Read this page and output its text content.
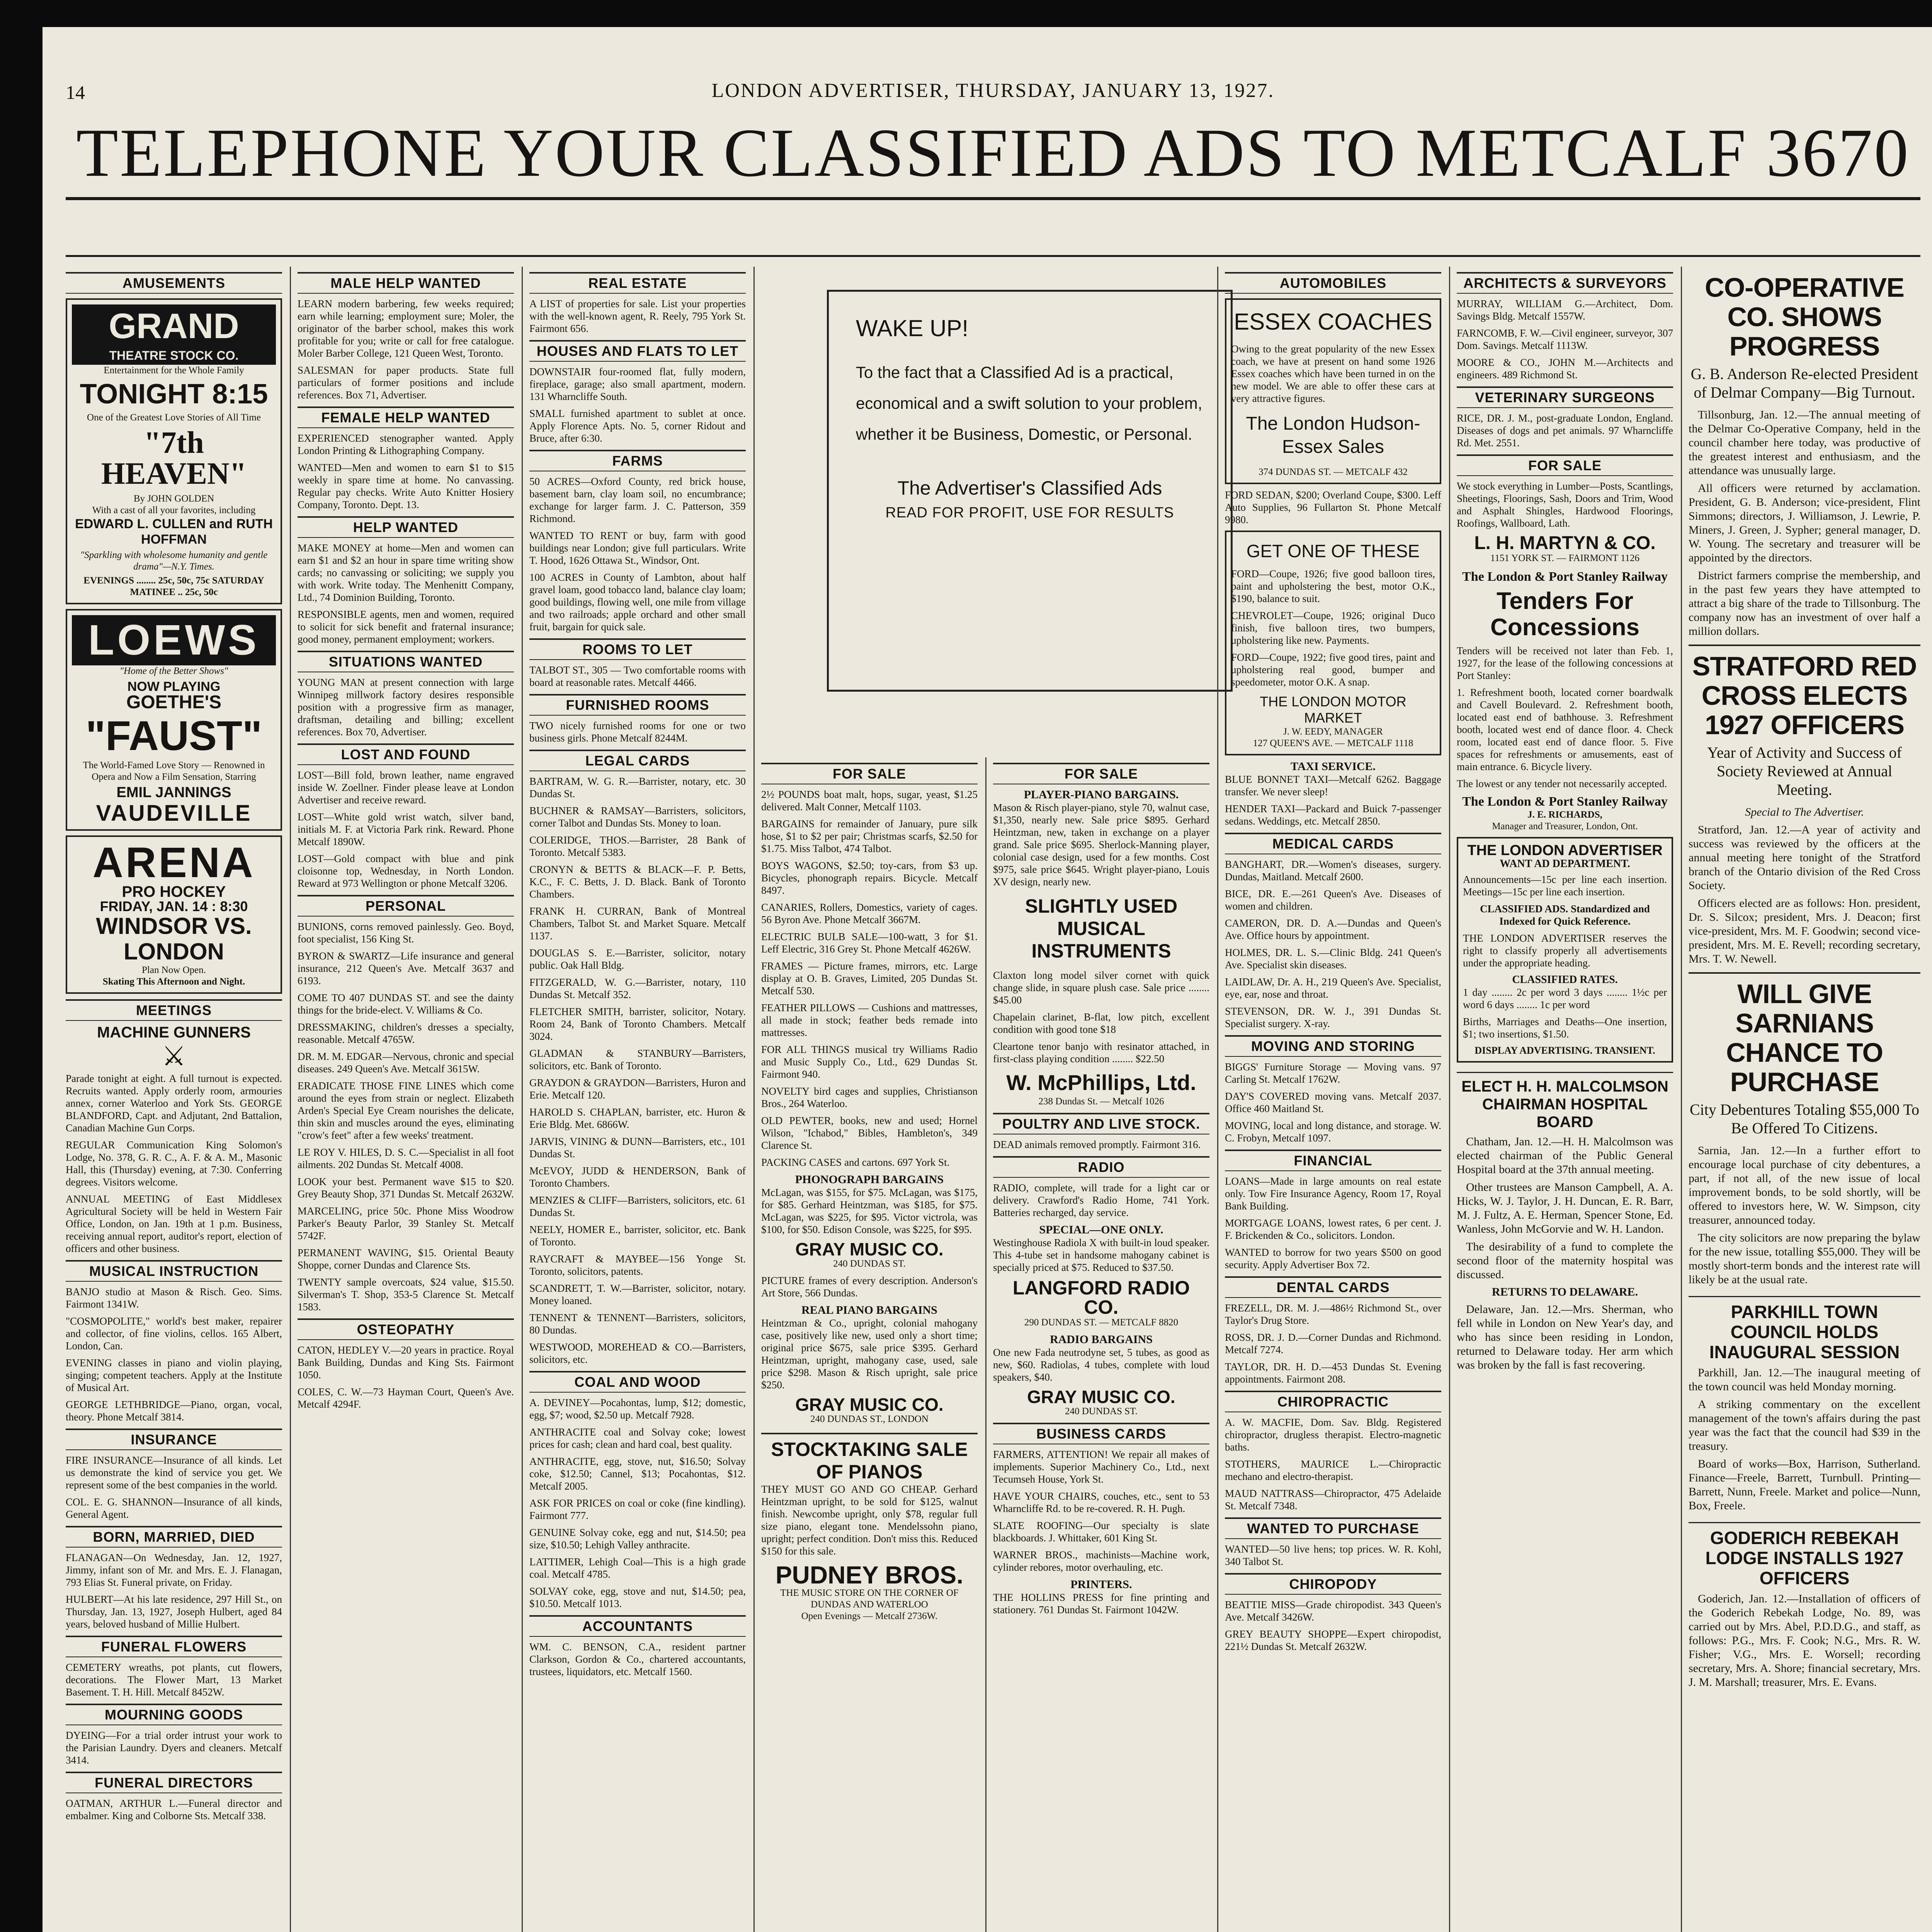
14	LONDON ADVERTISER, THURSDAY, JANUARY 13, 1927.
TELEPHONE YOUR CLASSIFIED ADS TO METCALF 3670
AMUSEMENTS
GRAND
THEATRE STOCK CO.
Entertainment for the Whole Family
TONIGHT 8:15
One of the Greatest Love Stories of All Time
"7th HEAVEN"
By JOHN GOLDEN
With a cast of all your favorites, including
EDWARD L. CULLEN and RUTH HOFFMAN
"Sparkling with wholesome humanity and gentle drama"—N.Y. Times.
EVENINGS ........ 25c, 50c, 75c SATURDAY MATINEE .. 25c, 50c
LOEWS
"Home of the Better Shows"
NOW PLAYING
GOETHE'S
"FAUST"
The World-Famed Love Story — Renowned in Opera and Now a Film Sensation, Starring
EMIL JANNINGS
VAUDEVILLE
ARENA
PRO HOCKEY
FRIDAY, JAN. 14 : 8:30
WINDSOR VS. LONDON
Plan Now Open.
Skating This Afternoon and Night.
MEETINGS
MACHINE GUNNERS
⚔

Parade tonight at eight. A full turnout is expected. Recruits wanted. Apply orderly room, armouries annex, corner Waterloo and York Sts. GEORGE BLANDFORD, Capt. and Adjutant, 2nd Battalion, Canadian Machine Gun Corps.

REGULAR Communication King Solomon's Lodge, No. 378, G. R. C., A. F. & A. M., Masonic Hall, this (Thursday) evening, at 7:30. Conferring degrees. Visitors welcome.

ANNUAL MEETING of East Middlesex Agricultural Society will be held in Western Fair Office, London, on Jan. 19th at 1 p.m. Business, receiving annual report, auditor's report, election of officers and other business.

MUSICAL INSTRUCTION

BANJO studio at Mason & Risch. Geo. Sims. Fairmont 1341W.

"COSMOPOLITE," world's best maker, repairer and collector, of fine violins, cellos. 165 Albert, London, Can.

EVENING classes in piano and violin playing, singing; competent teachers. Apply at the Institute of Musical Art.

GEORGE LETHBRIDGE—Piano, organ, vocal, theory. Phone Metcalf 3814.

INSURANCE

FIRE INSURANCE—Insurance of all kinds. Let us demonstrate the kind of service you get. We represent some of the best companies in the world.

COL. E. G. SHANNON—Insurance of all kinds, General Agent.

BORN, MARRIED, DIED

FLANAGAN—On Wednesday, Jan. 12, 1927, Jimmy, infant son of Mr. and Mrs. E. J. Flanagan, 793 Elias St. Funeral private, on Friday.

HULBERT—At his late residence, 297 Hill St., on Thursday, Jan. 13, 1927, Joseph Hulbert, aged 84 years, beloved husband of Millie Hulbert.

FUNERAL FLOWERS

CEMETERY wreaths, pot plants, cut flowers, decorations. The Flower Mart, 13 Market Basement. T. H. Hill. Metcalf 8452W.

MOURNING GOODS

DYEING—For a trial order intrust your work to the Parisian Laundry. Dyers and cleaners. Metcalf 3414.

FUNERAL DIRECTORS

OATMAN, ARTHUR L.—Funeral director and embalmer. King and Colborne Sts. Metcalf 338.

MALE HELP WANTED

LEARN modern barbering, few weeks required; earn while learning; employment sure; Moler, the originator of the barber school, makes this work profitable for you; write or call for free catalogue. Moler Barber College, 121 Queen West, Toronto.

SALESMAN for paper products. State full particulars of former positions and include references. Box 71, Advertiser.

FEMALE HELP WANTED

EXPERIENCED stenographer wanted. Apply London Printing & Lithographing Company.

WANTED—Men and women to earn $1 to $15 weekly in spare time at home. No canvassing. Regular pay checks. Write Auto Knitter Hosiery Company, Toronto. Dept. 13.

HELP WANTED

MAKE MONEY at home—Men and women can earn $1 and $2 an hour in spare time writing show cards; no canvassing or soliciting; we supply you with work. Write today. The Menhenitt Company, Ltd., 74 Dominion Building, Toronto.

RESPONSIBLE agents, men and women, required to solicit for sick benefit and fraternal insurance; good money, permanent employment; workers.

SITUATIONS WANTED

YOUNG MAN at present connection with large Winnipeg millwork factory desires responsible position with a progressive firm as manager, draftsman, detailing and billing; excellent references. Box 70, Advertiser.

LOST AND FOUND

LOST—Bill fold, brown leather, name engraved inside W. Zoellner. Finder please leave at London Advertiser and receive reward.

LOST—White gold wrist watch, silver band, initials M. F. at Victoria Park rink. Reward. Phone Metcalf 1890W.

LOST—Gold compact with blue and pink cloisonne top, Wednesday, in North London. Reward at 973 Wellington or phone Metcalf 3206.

PERSONAL

BUNIONS, corns removed painlessly. Geo. Boyd, foot specialist, 156 King St.

BYRON & SWARTZ—Life insurance and general insurance, 212 Queen's Ave. Metcalf 3637 and 6193.

COME TO 407 DUNDAS ST. and see the dainty things for the bride-elect. V. Williams & Co.

DRESSMAKING, children's dresses a specialty, reasonable. Metcalf 4765W.

DR. M. M. EDGAR—Nervous, chronic and special diseases. 249 Queen's Ave. Metcalf 3615W.

ERADICATE THOSE FINE LINES which come around the eyes from strain or neglect. Elizabeth Arden's Special Eye Cream nourishes the delicate, thin skin and muscles around the eyes, eliminating "crow's feet" after a few weeks' treatment.

LE ROY V. HILES, D. S. C.—Specialist in all foot ailments. 202 Dundas St. Metcalf 4008.

LOOK your best. Permanent wave $15 to $20. Grey Beauty Shop, 371 Dundas St. Metcalf 2632W.

MARCELING, price 50c. Phone Miss Woodrow Parker's Beauty Parlor, 39 Stanley St. Metcalf 5742F.

PERMANENT WAVING, $15. Oriental Beauty Shoppe, corner Dundas and Clarence Sts.

TWENTY sample overcoats, $24 value, $15.50. Silverman's T. Shop, 353-5 Clarence St. Metcalf 1583.

OSTEOPATHY

CATON, HEDLEY V.—20 years in practice. Royal Bank Building, Dundas and King Sts. Fairmont 1050.

COLES, C. W.—73 Hayman Court, Queen's Ave. Metcalf 4294F.

REAL ESTATE

A LIST of properties for sale. List your properties with the well-known agent, R. Reely, 795 York St. Fairmont 656.

HOUSES AND FLATS TO LET

DOWNSTAIR four-roomed flat, fully modern, fireplace, garage; also small apartment, modern. 131 Wharncliffe South.

SMALL furnished apartment to sublet at once. Apply Florence Apts. No. 5, corner Ridout and Bruce, after 6:30.

FARMS

50 ACRES—Oxford County, red brick house, basement barn, clay loam soil, no encumbrance; exchange for larger farm. J. C. Patterson, 359 Richmond.

WANTED TO RENT or buy, farm with good buildings near London; give full particulars. Write T. Hood, 1626 Ottawa St., Windsor, Ont.

100 ACRES in County of Lambton, about half gravel loam, good tobacco land, balance clay loam; good buildings, flowing well, one mile from village and two railroads; apple orchard and other small fruit, bargain for quick sale.

ROOMS TO LET

TALBOT ST., 305 — Two comfortable rooms with board at reasonable rates. Metcalf 4466.

FURNISHED ROOMS

TWO nicely furnished rooms for one or two business girls. Phone Metcalf 8244M.

LEGAL CARDS

BARTRAM, W. G. R.—Barrister, notary, etc. 30 Dundas St.

BUCHNER & RAMSAY—Barristers, solicitors, corner Talbot and Dundas Sts. Money to loan.

COLERIDGE, THOS.—Barrister, 28 Bank of Toronto. Metcalf 5383.

CRONYN & BETTS & BLACK—F. P. Betts, K.C., F. C. Betts, J. D. Black. Bank of Toronto Chambers.

FRANK H. CURRAN, Bank of Montreal Chambers, Talbot St. and Market Square. Metcalf 1137.

DOUGLAS S. E.—Barrister, solicitor, notary public. Oak Hall Bldg.

FITZGERALD, W. G.—Barrister, notary, 110 Dundas St. Metcalf 352.

FLETCHER SMITH, barrister, solicitor, Notary. Room 24, Bank of Toronto Chambers. Metcalf 3024.

GLADMAN & STANBURY—Barristers, solicitors, etc. Bank of Toronto.

GRAYDON & GRAYDON—Barristers, Huron and Erie. Metcalf 120.

HAROLD S. CHAPLAN, barrister, etc. Huron & Erie Bldg. Met. 6866W.

JARVIS, VINING & DUNN—Barristers, etc., 101 Dundas St.

McEVOY, JUDD & HENDERSON, Bank of Toronto Chambers.

MENZIES & CLIFF—Barristers, solicitors, etc. 61 Dundas St.

NEELY, HOMER E., barrister, solicitor, etc. Bank of Toronto.

RAYCRAFT & MAYBEE—156 Yonge St. Toronto, solicitors, patents.

SCANDRETT, T. W.—Barrister, solicitor, notary. Money loaned.

TENNENT & TENNENT—Barristers, solicitors, 80 Dundas.

WESTWOOD, MOREHEAD & CO.—Barristers, solicitors, etc.

COAL AND WOOD

A. DEVINEY—Pocahontas, lump, $12; domestic, egg, $7; wood, $2.50 up. Metcalf 7928.

ANTHRACITE coal and Solvay coke; lowest prices for cash; clean and hard coal, best quality.

ANTHRACITE, egg, stove, nut, $16.50; Solvay coke, $12.50; Cannel, $13; Pocahontas, $12. Metcalf 2005.

ASK FOR PRICES on coal or coke (fine kindling). Fairmont 777.

GENUINE Solvay coke, egg and nut, $14.50; pea size, $10.50; Lehigh Valley anthracite.

LATTIMER, Lehigh Coal—This is a high grade coal. Metcalf 4785.

SOLVAY coke, egg, stove and nut, $14.50; pea, $10.50. Metcalf 1013.

ACCOUNTANTS

WM. C. BENSON, C.A., resident partner Clarkson, Gordon & Co., chartered accountants, trustees, liquidators, etc. Metcalf 1560.

WAKE UP!
To the fact that a Classified Ad is a practical, economical and a swift solution to your problem, whether it be Business, Domestic, or Personal.
The Advertiser's Classified Ads
READ FOR PROFIT, USE FOR RESULTS
FOR SALE

2½ POUNDS boat malt, hops, sugar, yeast, $1.25 delivered. Malt Conner, Metcalf 1103.

BARGAINS for remainder of January, pure silk hose, $1 to $2 per pair; Christmas scarfs, $2.50 for $1.75. Miss Talbot, 474 Talbot.

BOYS WAGONS, $2.50; toy-cars, from $3 up. Bicycles, phonograph repairs. Bicycle. Metcalf 8497.

CANARIES, Rollers, Domestics, variety of cages. 56 Byron Ave. Phone Metcalf 3667M.

ELECTRIC BULB SALE—100-watt, 3 for $1. Leff Electric, 316 Grey St. Phone Metcalf 4626W.

FRAMES — Picture frames, mirrors, etc. Large display at O. B. Graves, Limited, 205 Dundas St. Metcalf 530.

FEATHER PILLOWS — Cushions and mattresses, all made in stock; feather beds remade into mattresses.

FOR ALL THINGS musical try Williams Radio and Music Supply Co., Ltd., 629 Dundas St. Fairmont 940.

NOVELTY bird cages and supplies, Christianson Bros., 264 Waterloo.

OLD PEWTER, books, new and used; Hornel Wilson, "Ichabod," Bibles, Hambleton's, 349 Clarence St.

PACKING CASES and cartons. 697 York St.

PHONOGRAPH BARGAINS

McLagan, was $155, for $75. McLagan, was $175, for $85. Gerhard Heintzman, was $185, for $75. McLagan, was $225, for $95. Victor victrola, was $100, for $50. Edison Console, was $225, for $95.

GRAY MUSIC CO.
240 DUNDAS ST.

PICTURE frames of every description. Anderson's Art Store, 566 Dundas.

REAL PIANO BARGAINS

Heintzman & Co., upright, colonial mahogany case, positively like new, used only a short time; original price $675, sale price $395. Gerhard Heintzman, upright, mahogany case, used, sale price $298. Mason & Risch upright, sale price $250.

GRAY MUSIC CO.
240 DUNDAS ST., LONDON
STOCKTAKING SALE OF PIANOS

THEY MUST GO AND GO CHEAP. Gerhard Heintzman upright, to be sold for $125, walnut finish. Newcombe upright, only $78, regular full size piano, elegant tone. Mendelssohn piano, upright; perfect condition. Don't miss this. Reduced $150 for this sale.

PUDNEY BROS.
THE MUSIC STORE ON THE CORNER OF DUNDAS AND WATERLOO
Open Evenings — Metcalf 2736W.
FOR SALE
PLAYER-PIANO BARGAINS.

Mason & Risch player-piano, style 70, walnut case, $1,350, nearly new. Sale price $895. Gerhard Heintzman, new, taken in exchange on a player grand. Sale price $695. Sherlock-Manning player, colonial case design, used for a few months. Cost $975, sale price $645. Wright player-piano, Louis XV design, nearly new.

SLIGHTLY USED MUSICAL INSTRUMENTS

Claxton long model silver cornet with quick change slide, in square plush case. Sale price ........ $45.00

Chapelain clarinet, B-flat, low pitch, excellent condition with good tone $18

Cleartone tenor banjo with resinator attached, in first-class playing condition ........ $22.50

W. McPhillips, Ltd.
238 Dundas St. — Metcalf 1026
POULTRY AND LIVE STOCK.

DEAD animals removed promptly. Fairmont 316.

RADIO

RADIO, complete, will trade for a light car or delivery. Crawford's Radio Home, 741 York. Batteries recharged, day service.

SPECIAL—ONE ONLY.

Westinghouse Radiola X with built-in loud speaker. This 4-tube set in handsome mahogany cabinet is specially priced at $75. Reduced to $37.50.

LANGFORD RADIO CO.
290 DUNDAS ST. — METCALF 8820
RADIO BARGAINS

One new Fada neutrodyne set, 5 tubes, as good as new, $60. Radiolas, 4 tubes, complete with loud speakers, $40.

GRAY MUSIC CO.
240 DUNDAS ST.
BUSINESS CARDS

FARMERS, ATTENTION! We repair all makes of implements. Superior Machinery Co., Ltd., next Tecumseh House, York St.

HAVE YOUR CHAIRS, couches, etc., sent to 53 Wharncliffe Rd. to be re-covered. R. H. Pugh.

SLATE ROOFING—Our specialty is slate blackboards. J. Whittaker, 601 King St.

WARNER BROS., machinists—Machine work, cylinder rebores, motor overhauling, etc.

PRINTERS.

THE HOLLINS PRESS for fine printing and stationery. 761 Dundas St. Fairmont 1042W.

AUTOMOBILES
ESSEX COACHES

Owing to the great popularity of the new Essex coach, we have at present on hand some 1926 Essex coaches which have been turned in on the new model. We are able to offer these cars at very attractive figures.

The London Hudson-Essex Sales
374 DUNDAS ST. — METCALF 432

FORD SEDAN, $200; Overland Coupe, $300. Leff Auto Supplies, 96 Fullarton St. Phone Metcalf 9980.

GET ONE OF THESE

FORD—Coupe, 1926; five good balloon tires, paint and upholstering the best, motor O.K., $190, balance to suit.

CHEVROLET—Coupe, 1926; original Duco finish, five balloon tires, two bumpers, upholstering like new. Payments.

FORD—Coupe, 1922; five good tires, paint and upholstering real good, bumper and speedometer, motor O.K. A snap.

THE LONDON MOTOR MARKET
J. W. EEDY, MANAGER
127 QUEEN'S AVE. — METCALF 1118
TAXI SERVICE.

BLUE BONNET TAXI—Metcalf 6262. Baggage transfer. We never sleep!

HENDER TAXI—Packard and Buick 7-passenger sedans. Weddings, etc. Metcalf 2850.

MEDICAL CARDS

BANGHART, DR.—Women's diseases, surgery. Dundas, Maitland. Metcalf 2600.

BICE, DR. E.—261 Queen's Ave. Diseases of women and children.

CAMERON, DR. D. A.—Dundas and Queen's Ave. Office hours by appointment.

HOLMES, DR. L. S.—Clinic Bldg. 241 Queen's Ave. Specialist skin diseases.

LAIDLAW, Dr. A. H., 219 Queen's Ave. Specialist, eye, ear, nose and throat.

STEVENSON, DR. W. J., 391 Dundas St. Specialist surgery. X-ray.

MOVING AND STORING

BIGGS' Furniture Storage — Moving vans. 97 Carling St. Metcalf 1762W.

DAY'S COVERED moving vans. Metcalf 2037. Office 460 Maitland St.

MOVING, local and long distance, and storage. W. C. Frobyn, Metcalf 1097.

FINANCIAL

LOANS—Made in large amounts on real estate only. Tow Fire Insurance Agency, Room 17, Royal Bank Building.

MORTGAGE LOANS, lowest rates, 6 per cent. J. F. Brickenden & Co., solicitors. London.

WANTED to borrow for two years $500 on good security. Apply Advertiser Box 72.

DENTAL CARDS

FREZELL, DR. M. J.—486½ Richmond St., over Taylor's Drug Store.

ROSS, DR. J. D.—Corner Dundas and Richmond. Metcalf 7274.

TAYLOR, DR. H. D.—453 Dundas St. Evening appointments. Fairmont 208.

CHIROPRACTIC

A. W. MACFIE, Dom. Sav. Bldg. Registered chiropractor, drugless therapist. Electro-magnetic baths.

STOTHERS, MAURICE L.—Chiropractic mechano and electro-therapist.

MAUD NATTRASS—Chiropractor, 475 Adelaide St. Metcalf 7348.

WANTED TO PURCHASE

WANTED—50 live hens; top prices. W. R. Kohl, 340 Talbot St.

CHIROPODY

BEATTIE MISS—Grade chiropodist. 343 Queen's Ave. Metcalf 3426W.

GREY BEAUTY SHOPPE—Expert chiropodist, 221½ Dundas St. Metcalf 2632W.

ARCHITECTS & SURVEYORS

MURRAY, WILLIAM G.—Architect, Dom. Savings Bldg. Metcalf 1557W.

FARNCOMB, F. W.—Civil engineer, surveyor, 307 Dom. Savings. Metcalf 1113W.

MOORE & CO., JOHN M.—Architects and engineers. 489 Richmond St.

VETERINARY SURGEONS

RICE, DR. J. M., post-graduate London, England. Diseases of dogs and pet animals. 97 Wharncliffe Rd. Met. 2551.

FOR SALE

We stock everything in Lumber—Posts, Scantlings, Sheetings, Floorings, Sash, Doors and Trim, Wood and Asphalt Shingles, Hardwood Floorings, Roofings, Wallboard, Lath.

L. H. MARTYN & CO.
1151 YORK ST. — FAIRMONT 1126
The London & Port Stanley Railway
Tenders For Concessions

Tenders will be received not later than Feb. 1, 1927, for the lease of the following concessions at Port Stanley:

1. Refreshment booth, located corner boardwalk and Cavell Boulevard. 2. Refreshment booth, located east end of bathhouse. 3. Refreshment booth, located west end of dance floor. 4. Check room, located east end of dance floor. 5. Five spaces for refreshments or amusements, east of main entrance. 6. Bicycle livery.

The lowest or any tender not necessarily accepted.

The London & Port Stanley Railway
J. E. RICHARDS,
Manager and Treasurer, London, Ont.
THE LONDON ADVERTISER
WANT AD DEPARTMENT.

Announcements—15c per line each insertion. Meetings—15c per line each insertion.

CLASSIFIED ADS. Standardized and Indexed for Quick Reference.

THE LONDON ADVERTISER reserves the right to classify properly all advertisements under the appropriate heading.

CLASSIFIED RATES.

1 day ........ 2c per word 3 days ........ 1½c per word 6 days ........ 1c per word

Births, Marriages and Deaths—One insertion, $1; two insertions, $1.50.

DISPLAY ADVERTISING. TRANSIENT.
ELECT H. H. MALCOLMSON CHAIRMAN HOSPITAL BOARD

Chatham, Jan. 12.—H. H. Malcolmson was elected chairman of the Public General Hospital board at the 37th annual meeting.

Other trustees are Manson Campbell, A. A. Hicks, W. J. Taylor, J. H. Duncan, E. R. Barr, M. J. Fultz, A. E. Herman, Spencer Stone, Ed. Wanless, John McGorvie and W. H. Landon.

The desirability of a fund to complete the second floor of the maternity hospital was discussed.

RETURNS TO DELAWARE.

Delaware, Jan. 12.—Mrs. Sherman, who fell while in London on New Year's day, and who has since been residing in London, returned to Delaware today. Her arm which was broken by the fall is fast recovering.

CO-OPERATIVE CO. SHOWS PROGRESS
G. B. Anderson Re-elected President of Delmar Company—Big Turnout.

Tillsonburg, Jan. 12.—The annual meeting of the Delmar Co-Operative Company, held in the council chamber here today, was productive of the greatest interest and enthusiasm, and the attendance was unusually large.

All officers were returned by acclamation. President, G. B. Anderson; vice-president, Flint Simmons; directors, J. Williamson, J. Lewrie, P. Miners, J. Green, J. Sypher; general manager, D. W. Young. The secretary and treasurer will be appointed by the directors.

District farmers comprise the membership, and in the past few years they have attempted to attract a big share of the trade to Tillsonburg. The company now has an investment of over half a million dollars.

STRATFORD RED CROSS ELECTS 1927 OFFICERS
Year of Activity and Success of Society Reviewed at Annual Meeting.

Special to The Advertiser.

Stratford, Jan. 12.—A year of activity and success was reviewed by the officers at the annual meeting here tonight of the Stratford branch of the Ontario division of the Red Cross Society.

Officers elected are as follows: Hon. president, Dr. S. Silcox; president, Mrs. J. Deacon; first vice-president, Mrs. M. F. Goodwin; second vice-president, Mrs. M. E. Revell; recording secretary, Mrs. T. W. Newell.

WILL GIVE SARNIANS CHANCE TO PURCHASE
City Debentures Totaling $55,000 To Be Offered To Citizens.

Sarnia, Jan. 12.—In a further effort to encourage local purchase of city debentures, a part, if not all, of the new issue of local improvement bonds, to be sold shortly, will be offered to investors here, W. W. Simpson, city treasurer, announced today.

The city solicitors are now preparing the bylaw for the new issue, totalling $55,000. They will be mostly short-term bonds and the interest rate will likely be at the usual rate.

PARKHILL TOWN COUNCIL HOLDS INAUGURAL SESSION

Parkhill, Jan. 12.—The inaugural meeting of the town council was held Monday morning.

A striking commentary on the excellent management of the town's affairs during the past year was the fact that the council had $39 in the treasury.

Board of works—Box, Harrison, Sutherland. Finance—Freele, Barrett, Turnbull. Printing—Barrett, Nunn, Freele. Market and police—Nunn, Box, Freele.

GODERICH REBEKAH LODGE INSTALLS 1927 OFFICERS

Goderich, Jan. 12.—Installation of officers of the Goderich Rebekah Lodge, No. 89, was carried out by Mrs. Abel, P.D.D.G., and staff, as follows: P.G., Mrs. F. Cook; N.G., Mrs. R. W. Fisher; V.G., Mrs. E. Worsell; recording secretary, Mrs. A. Shore; financial secretary, Mrs. J. M. Marshall; treasurer, Mrs. E. Evans.
